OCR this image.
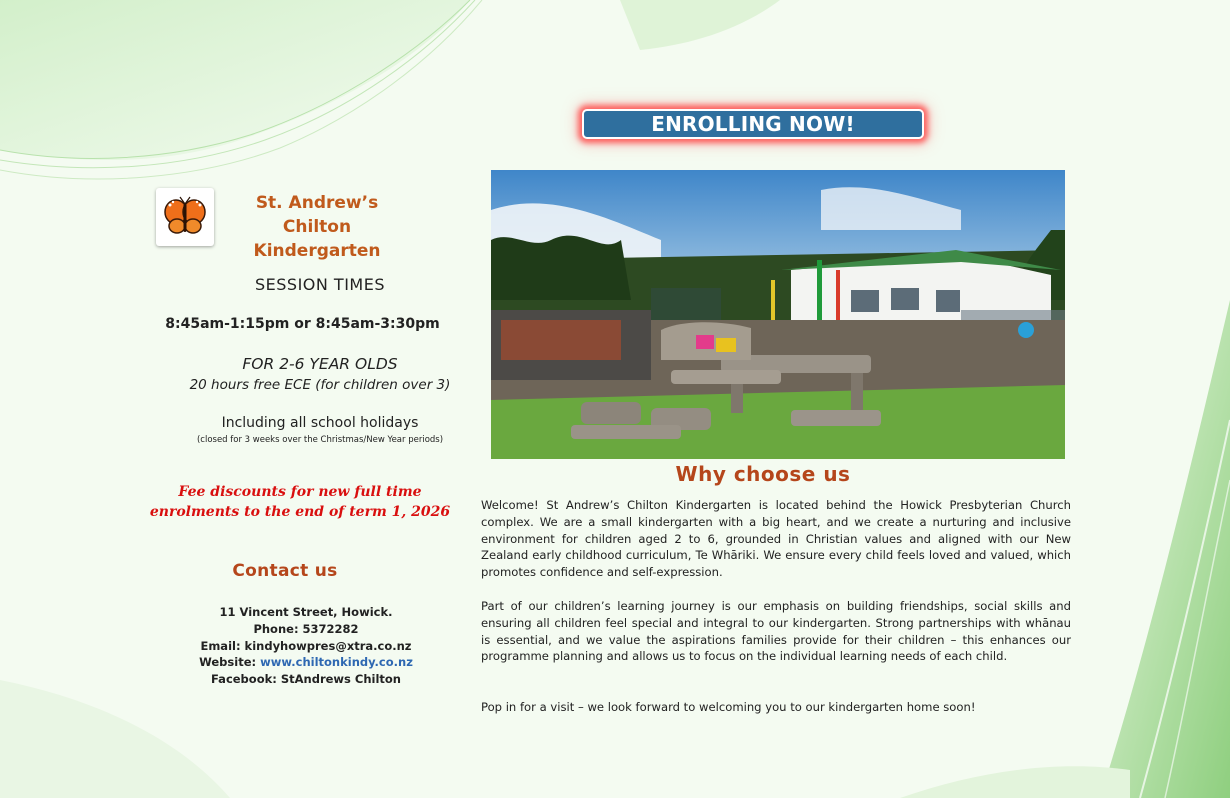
ENROLLING NOW!
St. Andrew’s
Chilton
Kindergarten
SESSION TIMES
8:45am-1:15pm or 8:45am-3:30pm
FOR 2-6 YEAR OLDS
20 hours free ECE (for children over 3)
Including all school holidays
(closed for 3 weeks over the Christmas/New Year periods)
Fee discounts for new full time
enrolments to the end of term 1, 2026
Contact us
11 Vincent Street, Howick.
Phone: 5372282
Email: kindyhowpres@xtra.co.nz
Website: www.chiltonkindy.co.nz
Facebook: StAndrews Chilton
Why choose us

Welcome! St Andrew’s Chilton Kindergarten is located behind the Howick Presbyterian Church complex. We are a small kindergarten with a big heart, and we create a nurturing and inclusive environment for children aged 2 to 6, grounded in Christian values and aligned with our New Zealand early childhood curriculum, Te Whāriki. We ensure every child feels loved and valued, which promotes confidence and self-expression.

Part of our children’s learning journey is our emphasis on building friendships, social skills and ensuring all children feel special and integral to our kindergarten. Strong partnerships with whānau is essential, and we value the aspirations families provide for their children – this enhances our programme planning and allows us to focus on the individual learning needs of each child.

Pop in for a visit – we look forward to welcoming you to our kindergarten home soon!
